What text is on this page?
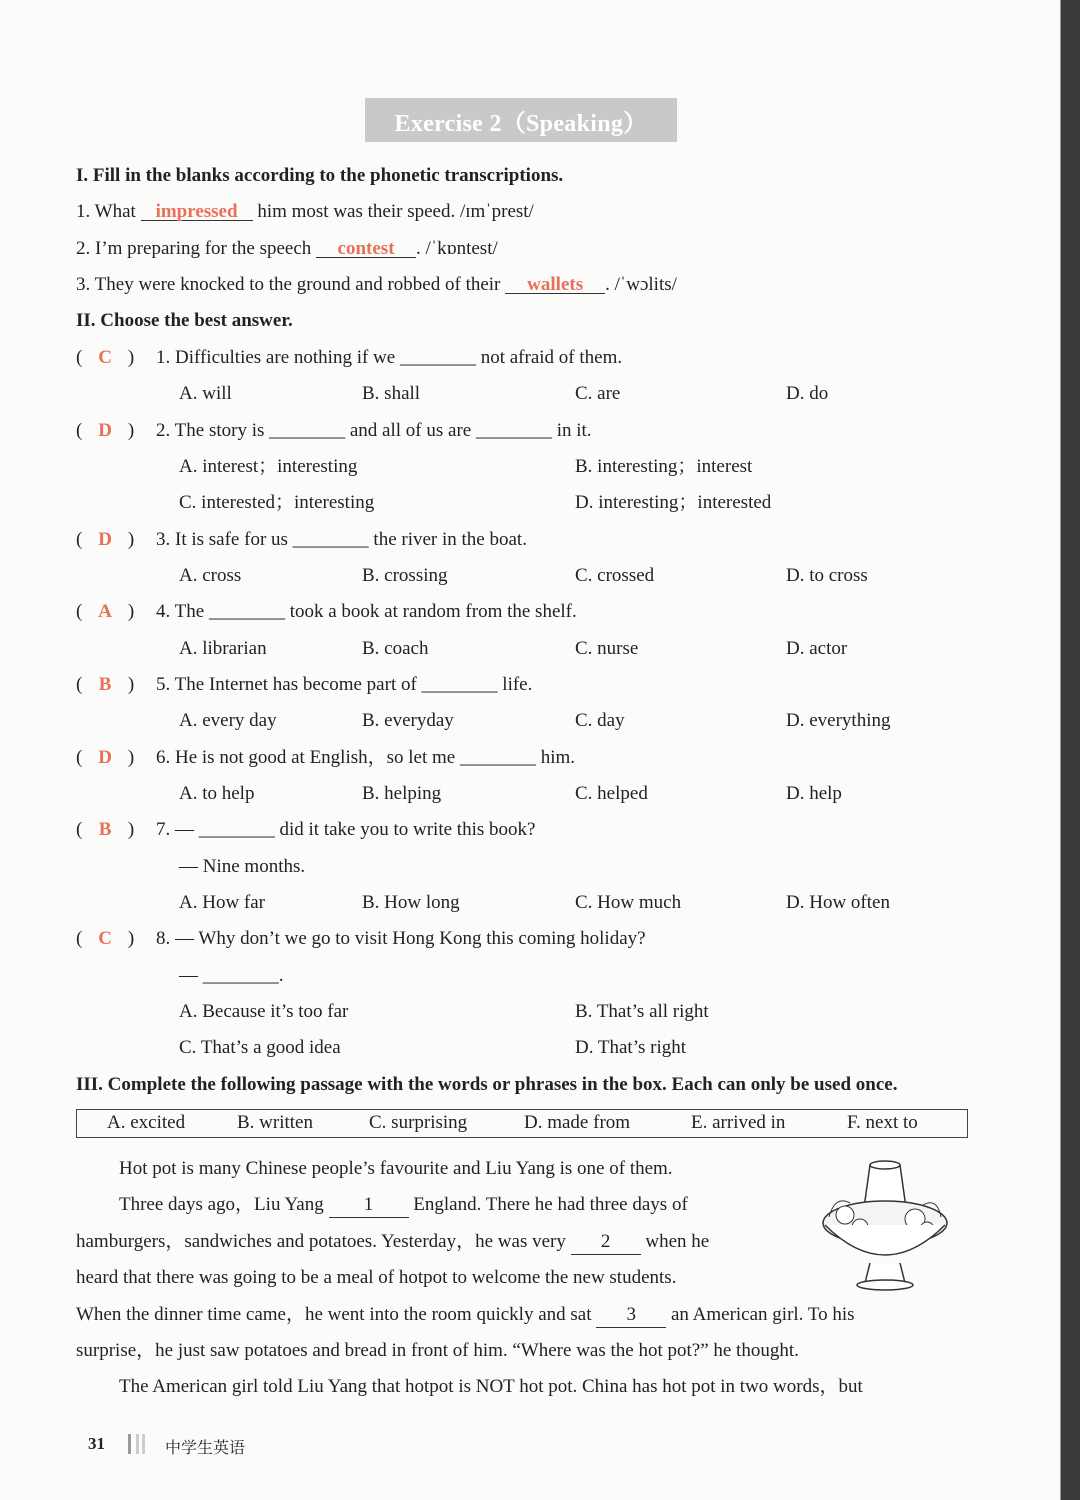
Exercise 2（Speaking）
I. Fill in the blanks according to the phonetic transcriptions.
1. What impressed him most was their speed. /ɪmˈprest/
2. I’m preparing for the speech contest . /ˈkɒntest/
3. They were knocked to the ground and robbed of their wallets . /ˈwɔlits/
II. Choose the best answer.
( C ) 1. Difficulties are nothing if we ________ not afraid of them.
A. will	B. shall	C. are	D. do
( D ) 2. The story is ________ and all of us are ________ in it.
A. interest；interesting	B. interesting；interest
C. interested；interesting	D. interesting；interested
( D ) 3. It is safe for us ________ the river in the boat.
A. cross	B. crossing	C. crossed	D. to cross
( A ) 4. The ________ took a book at random from the shelf.
A. librarian	B. coach	C. nurse	D. actor
( B ) 5. The Internet has become part of ________ life.
A. every day	B. everyday	C. day	D. everything
( D ) 6. He is not good at English，so let me ________ him.
A. to help	B. helping	C. helped	D. help
( B ) 7. — ________ did it take you to write this book?
— Nine months.
A. How far	B. How long	C. How much	D. How often
( C ) 8. — Why don’t we go to visit Hong Kong this coming holiday?
— ________.
A. Because it’s too far	B. That’s all right
C. That’s a good idea	D. That’s right
III. Complete the following passage with the words or phrases in the box. Each can only be used once.
A. excited	B. written	C. surprising	D. made from	E. arrived in	F. next to
Hot pot is many Chinese people’s favourite and Liu Yang is one of them.
Three days ago，Liu Yang 1 England. There he had three days of
hamburgers，sandwiches and potatoes. Yesterday，he was very 2 when he
heard that there was going to be a meal of hotpot to welcome the new students.
When the dinner time came，he went into the room quickly and sat 3 an American girl. To his
surprise，he just saw potatoes and bread in front of him. “Where was the hot pot?” he thought.
The American girl told Liu Yang that hotpot is NOT hot pot. China has hot pot in two words，but
31	中学生英语
